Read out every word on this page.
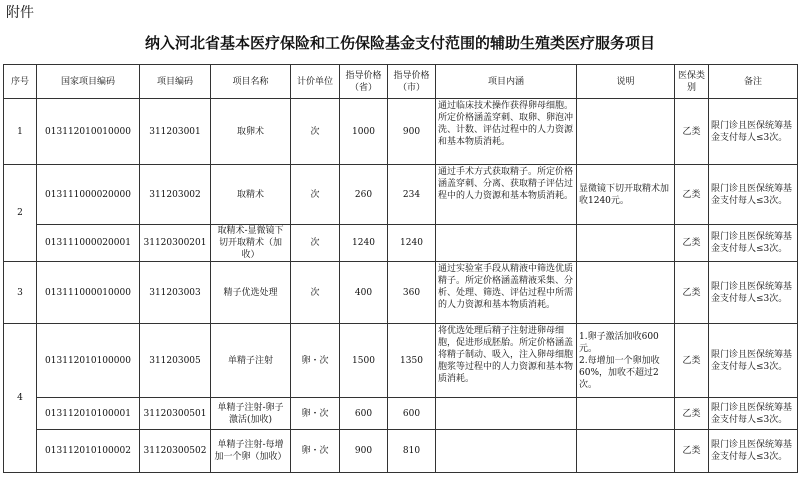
附件
纳入河北省基本医疗保险和工伤保险基金支付范围的辅助生殖类医疗服务项目
序号	国家项目编码	项目编码	项目名称	计价单位	指导价格（省）	指导价格（市）	项目内涵	说明	医保类别	备注
1	013112010010000	311203001	取卵术	次	1000	900	通过临床技术操作获得卵母细胞。所定价格涵盖穿刺、取卵、卵泡冲洗、计数、评估过程中的人力资源和基本物质消耗。		乙类	限门诊且医保统筹基金支付每人≤3次。
2	013111000020000	311203002	取精术	次	260	234	通过手术方式获取精子。所定价格涵盖穿刺、分离、获取精子评估过程中的人力资源和基本物质消耗。	显微镜下切开取精术加收1240元。	乙类	限门诊且医保统筹基金支付每人≤3次。
	013111000020001	31120300201	取精术-显微镜下切开取精术（加收）	次	1240	1240			乙类	限门诊且医保统筹基金支付每人≤3次。
3	013111000010000	311203003	精子优选处理	次	400	360	通过实验室手段从精液中筛选优质精子。所定价格涵盖精液采集、分析、处理、筛选、评估过程中所需的人力资源和基本物质消耗。		乙类	限门诊且医保统筹基金支付每人≤3次。
4	013112010100000	311203005	单精子注射	卵・次	1500	1350	将优选处理后精子注射进卵母细胞，促进形成胚胎。所定价格涵盖将精子制动、吸入，注入卵母细胞胞浆等过程中的人力资源和基本物质消耗。	1.卵子激活加收600元。
2.每增加一个卵加收60%，加收不超过2次。	乙类	限门诊且医保统筹基金支付每人≤3次。
	013112010100001	31120300501	单精子注射-卵子激活(加收)	卵・次	600	600			乙类	限门诊且医保统筹基金支付每人≤3次。
	013112010100002	31120300502	单精子注射-每增加一个卵（加收）	卵・次	900	810			乙类	限门诊且医保统筹基金支付每人≤3次。
